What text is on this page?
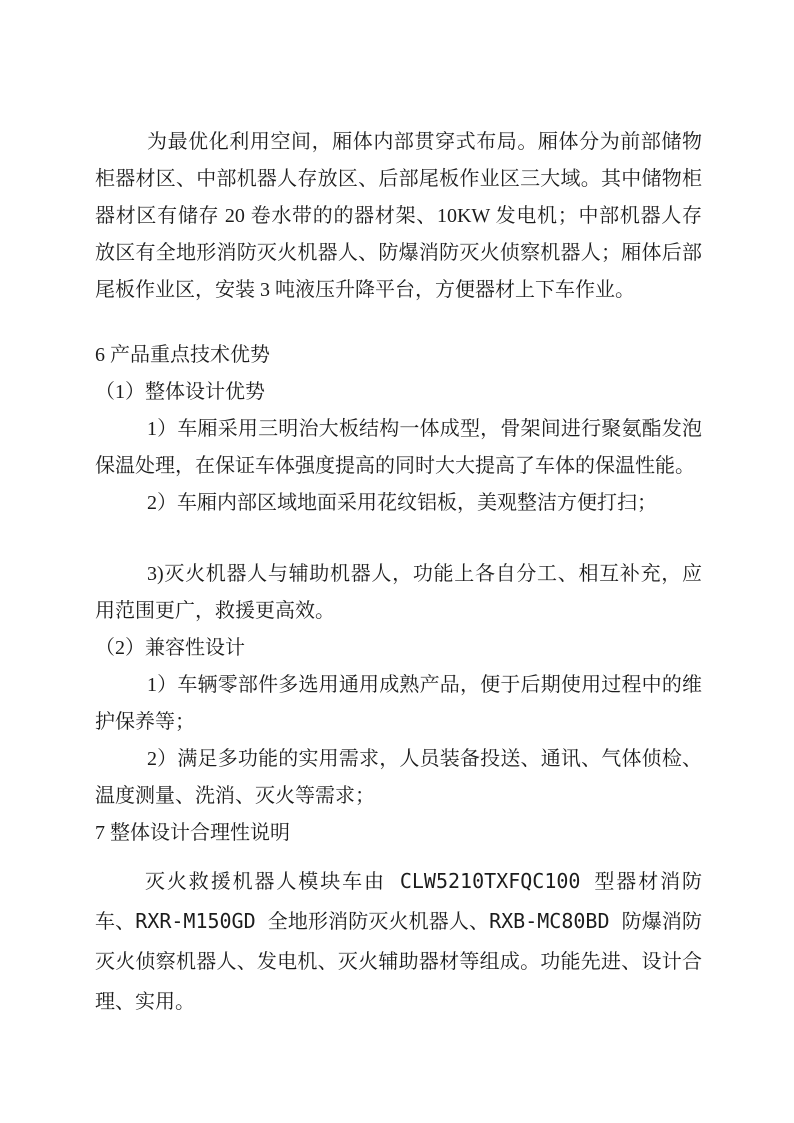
为最优化利用空间，厢体内部贯穿式布局。厢体分为前部储物柜器材区、中部机器人存放区、后部尾板作业区三大域。其中储物柜器材区有储存 20 卷水带的的器材架、10KW 发电机；中部机器人存放区有全地形消防灭火机器人、防爆消防灭火侦察机器人；厢体后部尾板作业区，安装 3 吨液压升降平台，方便器材上下车作业。

6 产品重点技术优势
（1）整体设计优势

1）车厢采用三明治大板结构一体成型，骨架间进行聚氨酯发泡保温处理，在保证车体强度提高的同时大大提高了车体的保温性能。

2）车厢内部区域地面采用花纹铝板，美观整洁方便打扫；

3)灭火机器人与辅助机器人，功能上各自分工、相互补充，应用范围更广，救援更高效。

（2）兼容性设计

1）车辆零部件多选用通用成熟产品，便于后期使用过程中的维护保养等；

2）满足多功能的实用需求，人员装备投送、通讯、气体侦检、温度测量、洗消、灭火等需求；

7 整体设计合理性说明

灭火救援机器人模块车由 CLW5210TXFQC100 型器材消防车、RXR-M150GD 全地形消防灭火机器人、RXB-MC80BD 防爆消防灭火侦察机器人、发电机、灭火辅助器材等组成。功能先进、设计合理、实用。
